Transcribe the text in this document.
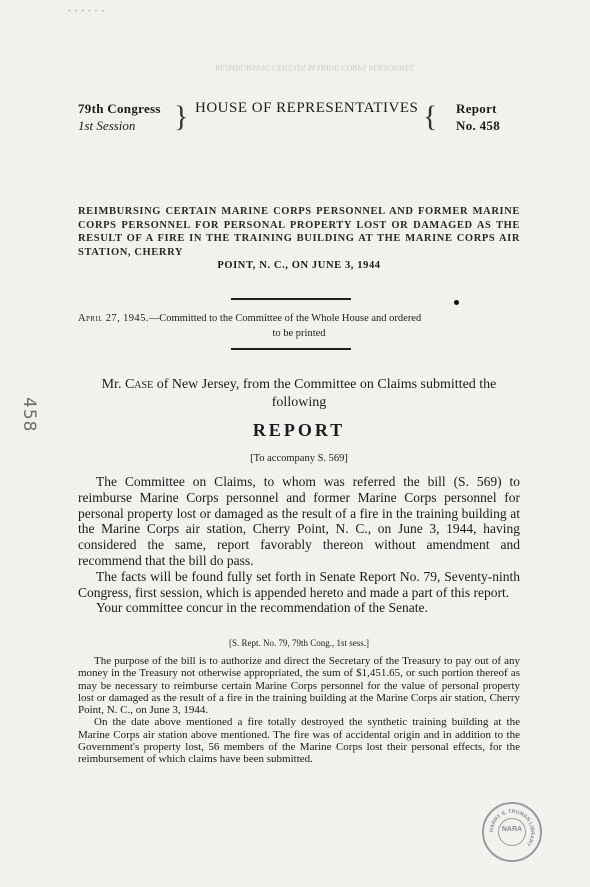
- - - - - -
REIMBURSING CERTAIN MARINE CORPS PERSONNEL
79th Congress
1st Session	} HOUSE OF REPRESENTATIVES { Report
No. 458
REIMBURSING CERTAIN MARINE CORPS PERSONNEL AND FORMER MARINE CORPS PERSONNEL FOR PERSONAL PROPERTY LOST OR DAMAGED AS THE RESULT OF A FIRE IN THE TRAINING BUILDING AT THE MARINE CORPS AIR STATION, CHERRY
POINT, N. C., ON JUNE 3, 1944
April 27, 1945.—Committed to the Committee of the Whole House and ordered
to be printed
Mr. Case of New Jersey, from the Committee on Claims submitted the following
REPORT
[To accompany S. 569]

The Committee on Claims, to whom was referred the bill (S. 569) to reimburse Marine Corps personnel and former Marine Corps personnel for personal property lost or damaged as the result of a fire in the training building at the Marine Corps air station, Cherry Point, N. C., on June 3, 1944, having considered the same, report favorably thereon without amendment and recommend that the bill do pass.

The facts will be found fully set forth in Senate Report No. 79, Seventy-ninth Congress, first session, which is appended hereto and made a part of this report.

Your committee concur in the recommendation of the Senate.

[S. Rept. No. 79, 79th Cong., 1st sess.]

The purpose of the bill is to authorize and direct the Secretary of the Treasury to pay out of any money in the Treasury not otherwise appropriated, the sum of $1,451.65, or such portion thereof as may be necessary to reimburse certain Marine Corps personnel for the value of personal property lost or damaged as the result of a fire in the training building at the Marine Corps air station, Cherry Point, N. C., on June 3, 1944.

On the date above mentioned a fire totally destroyed the synthetic training building at the Marine Corps air station above mentioned. The fire was of accidental origin and in addition to the Government's property lost, 56 members of the Marine Corps lost their personal effects, for the reimbursement of which claims have been submitted.

458
HARRY S. TRUMAN LIBRARY
NARA
